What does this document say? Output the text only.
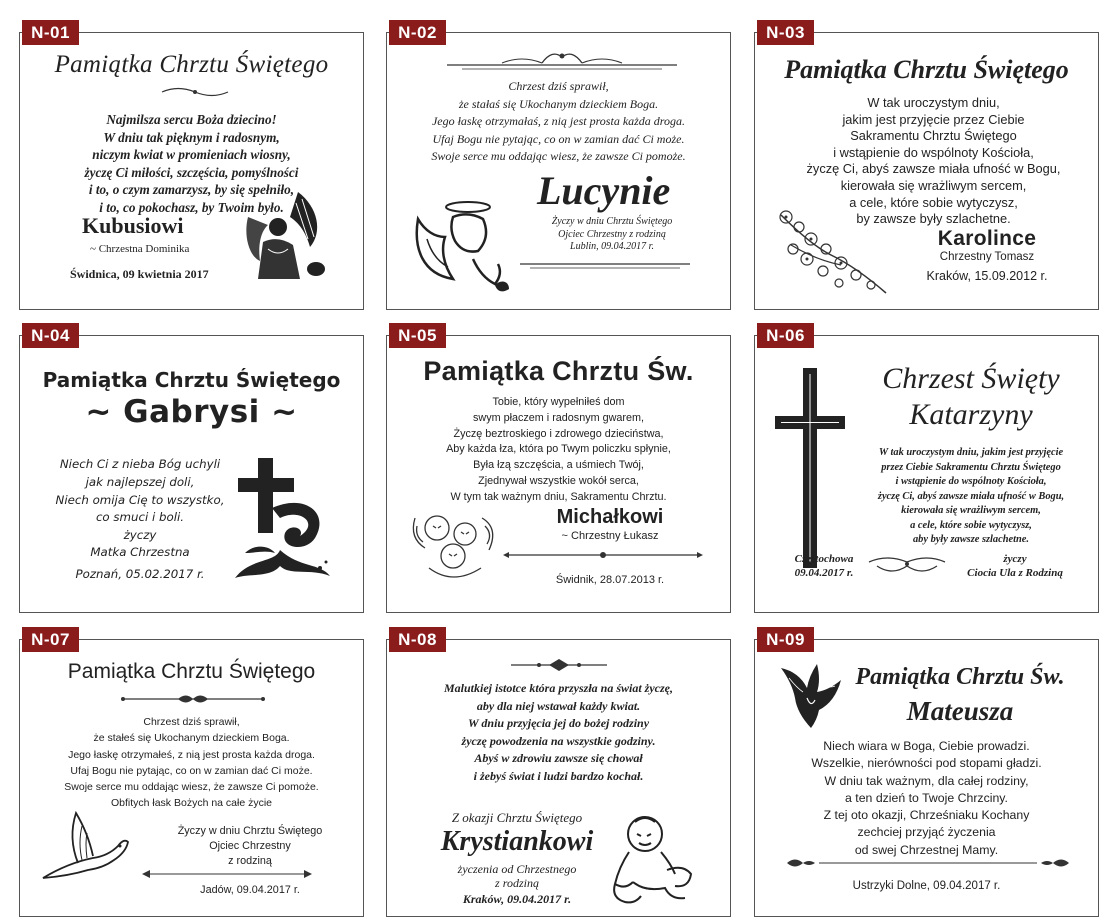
N-01
Pamiątka Chrztu Świętego
Najmilsza sercu Boża dziecino!
W dniu tak pięknym i radosnym,
niczym kwiat w promieniach wiosny,
życzę Ci miłości, szczęścia, pomyślności
i to, o czym zamarzysz, by się spełniło,
i to, co pokochasz, by Twoim było.
Kubusiowi
~ Chrzestna Dominika
Świdnica, 09 kwietnia 2017
N-02
Chrzest dziś sprawił,
że stałaś się Ukochanym dzieckiem Boga.
Jego łaskę otrzymałaś, z nią jest prosta każda droga.
Ufaj Bogu nie pytając, co on w zamian dać Ci może.
Swoje serce mu oddając wiesz, że zawsze Ci pomoże.
Lucynie
Życzy w dniu Chrztu Świętego
Ojciec Chrzestny z rodziną
Lublin, 09.04.2017 r.
N-03
Pamiątka Chrztu Świętego
W tak uroczystym dniu,
jakim jest przyjęcie przez Ciebie
Sakramentu Chrztu Świętego
i wstąpienie do wspólnoty Kościoła,
życzę Ci, abyś zawsze miała ufność w Bogu,
kierowała się wrażliwym sercem,
a cele, które sobie wytyczysz,
by zawsze były szlachetne.
Karolince
Chrzestny Tomasz
Kraków, 15.09.2012 r.
N-04
Pamiątka Chrztu Świętego
~ Gabrysi ~
Niech Ci z nieba Bóg uchyli
jak najlepszej doli,
Niech omija Cię to wszystko,
co smuci i boli.
życzy
Matka Chrzestna
Poznań, 05.02.2017 r.
N-05
Pamiątka Chrztu Św.
Tobie, który wypełniłeś dom
swym płaczem i radosnym gwarem,
Życzę beztroskiego i zdrowego dzieciństwa,
Aby każda łza, która po Twym policzku spłynie,
Była łzą szczęścia, a uśmiech Twój,
Zjednywał wszystkie wokół serca,
W tym tak ważnym dniu, Sakramentu Chrztu.
Michałkowi
~ Chrzestny Łukasz
Świdnik, 28.07.2013 r.
N-06
Chrzest Święty
Katarzyny
W tak uroczystym dniu, jakim jest przyjęcie
przez Ciebie Sakramentu Chrztu Świętego
i wstąpienie do wspólnoty Kościoła,
życzę Ci, abyś zawsze miała ufność w Bogu,
kierowała się wrażliwym sercem,
a cele, które sobie wytyczysz,
aby były zawsze szlachetne.
Częstochowa
09.04.2017 r.
życzy
Ciocia Ula z Rodziną
N-07
Pamiątka Chrztu Świętego
Chrzest dziś sprawił,
że stałeś się Ukochanym dzieckiem Boga.
Jego łaskę otrzymałeś, z nią jest prosta każda droga.
Ufaj Bogu nie pytając, co on w zamian dać Ci może.
Swoje serce mu oddając wiesz, że zawsze Ci pomoże.
Obfitych łask Bożych na całe życie
Życzy w dniu Chrztu Świętego
Ojciec Chrzestny
z rodziną
Jadów, 09.04.2017 r.
N-08
Malutkiej istotce która przyszła na świat życzę,
aby dla niej wstawał każdy kwiat.
W dniu przyjęcia jej do bożej rodziny
życzę powodzenia na wszystkie godziny.
Abyś w zdrowiu zawsze się chował
i żebyś świat i ludzi bardzo kochał.
Z okazji Chrztu Świętego
Krystiankowi
życzenia od Chrzestnego
z rodziną
Kraków, 09.04.2017 r.
N-09
Pamiątka Chrztu Św.
Mateusza
Niech wiara w Boga, Ciebie prowadzi.
Wszelkie, nierówności pod stopami gładzi.
W dniu tak ważnym, dla całej rodziny,
a ten dzień to Twoje Chrzciny.
Z tej oto okazji, Chrześniaku Kochany
zechciej przyjąć życzenia
od swej Chrzestnej Mamy.
Ustrzyki Dolne, 09.04.2017 r.
